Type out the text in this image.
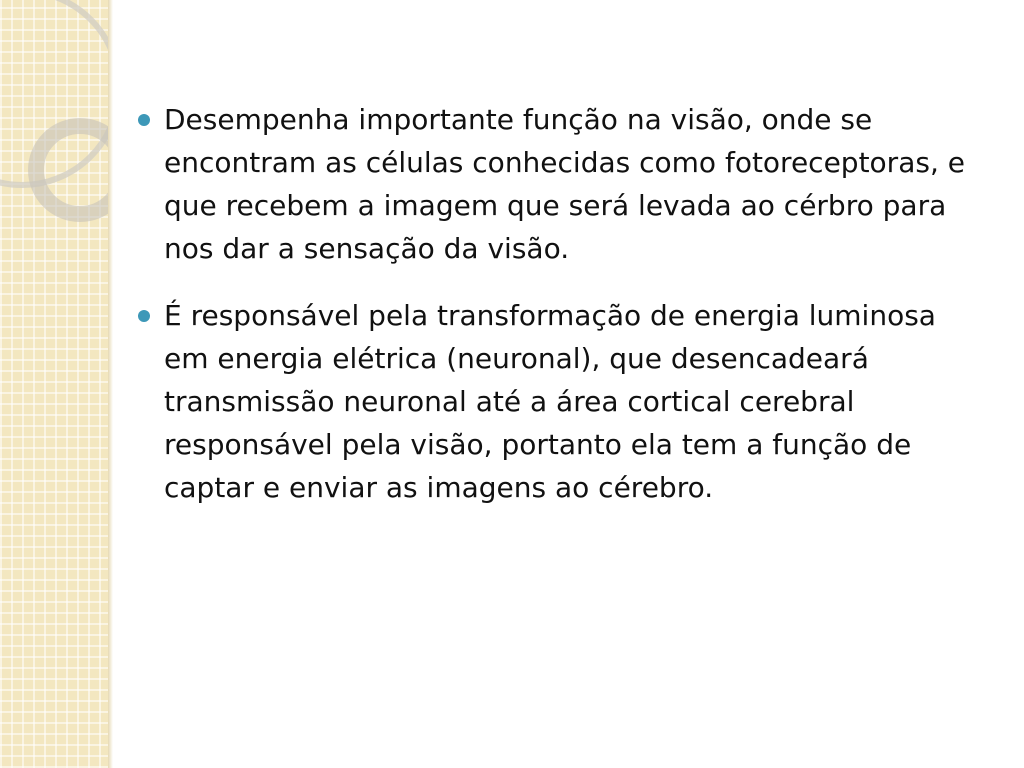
Desempenha importante função na visão, onde se encontram as células conhecidas como fotoreceptoras, e que recebem a imagem que será levada ao cérbro para nos dar a sensação da visão.
É responsável pela transformação de energia luminosa em energia elétrica (neuronal), que desencadeará transmissão neuronal até a área cortical cerebral responsável pela visão, portanto ela tem a função de captar e enviar as imagens ao cérebro.
